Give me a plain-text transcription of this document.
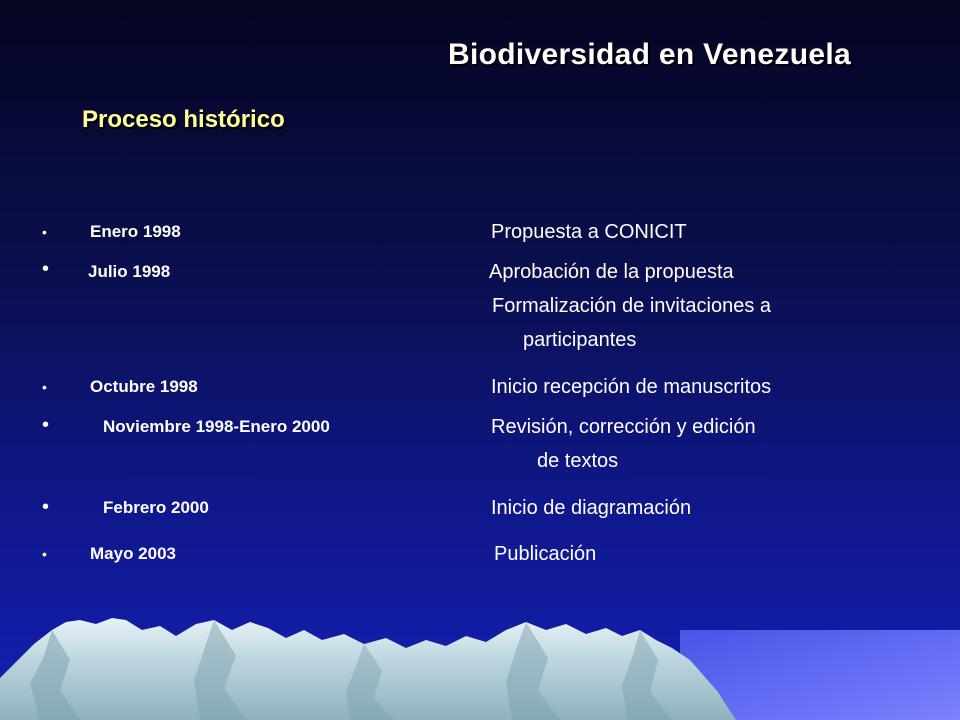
Biodiversidad en Venezuela
Proceso histórico
•	Enero 1998	Propuesta a CONICIT
• Julio 1998	Aprobación de la propuesta
Formalización de invitaciones a
participantes
•	Octubre 1998	Inicio recepción de manuscritos
•	Noviembre 1998-Enero 2000	Revisión, corrección y edición
de textos
•	Febrero 2000	Inicio de diagramación
•	Mayo 2003	Publicación
